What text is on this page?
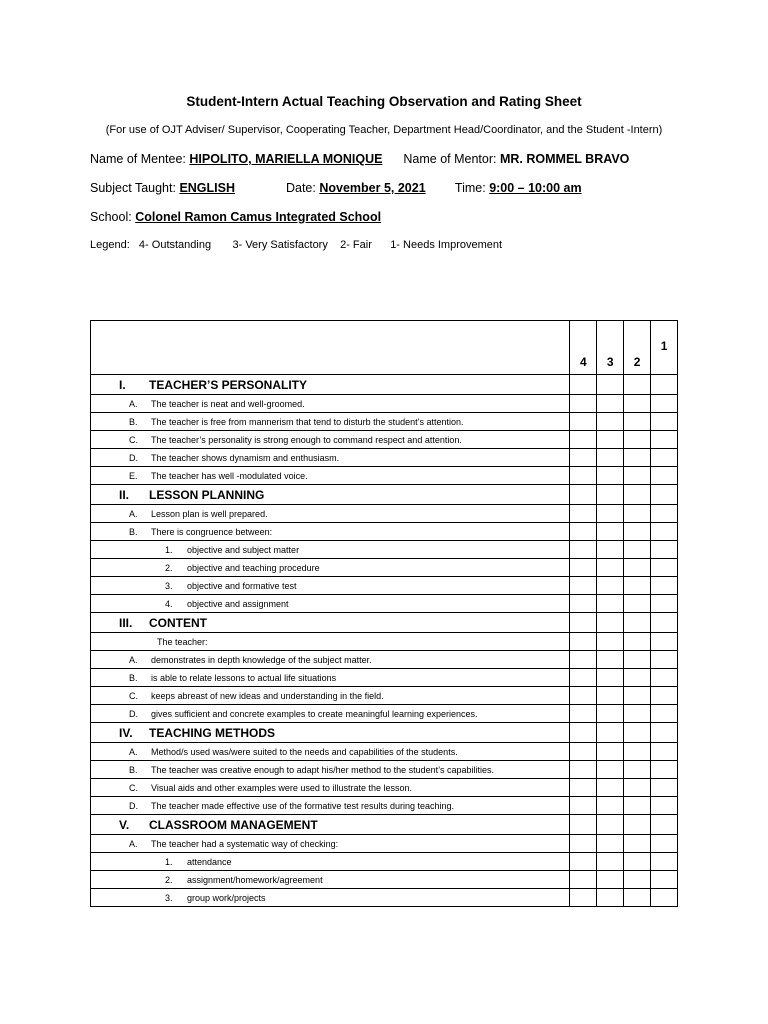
Student-Intern Actual Teaching Observation and Rating Sheet
(For use of OJT Adviser/ Supervisor, Cooperating Teacher, Department Head/Coordinator, and the Student -Intern)
Name of Mentee: HIPOLITO, MARIELLA MONIQUE Name of Mentor: MR. ROMMEL BRAVO
Subject Taught: ENGLISH	Date: November 5, 2021 Time: 9:00 – 10:00 am
School: Colonel Ramon Camus Integrated School
Legend:   4- Outstanding       3- Very Satisfactory    2- Fair      1- Needs Improvement

	4	3	2	1

I. TEACHER’S PERSONALITY				
A. The teacher is neat and well-groomed.				
B. The teacher is free from mannerism that tend to disturb the student’s attention.				
C. The teacher’s personality is strong enough to command respect and attention.				
D. The teacher shows dynamism and enthusiasm.				
E. The teacher has well -modulated voice.				
II. LESSON PLANNING				
A. Lesson plan is well prepared.				
B. There is congruence between:				
1. objective and subject matter				
2. objective and teaching procedure				
3. objective and formative test				
4. objective and assignment				
III. CONTENT				
The teacher:				
A. demonstrates in depth knowledge of the subject matter.				
B. is able to relate lessons to actual life situations				
C. keeps abreast of new ideas and understanding in the field.				
D. gives sufficient and concrete examples to create meaningful learning experiences.				
IV. TEACHING METHODS				
A. Method/s used was/were suited to the needs and capabilities of the students.				
B. The teacher was creative enough to adapt his/her method to the student’s capabilities.				
C. Visual aids and other examples were used to illustrate the lesson.				
D. The teacher made effective use of the formative test results during teaching.				
V. CLASSROOM MANAGEMENT				
A. The teacher had a systematic way of checking:				
1. attendance				
2. assignment/homework/agreement				
3. group work/projects				
